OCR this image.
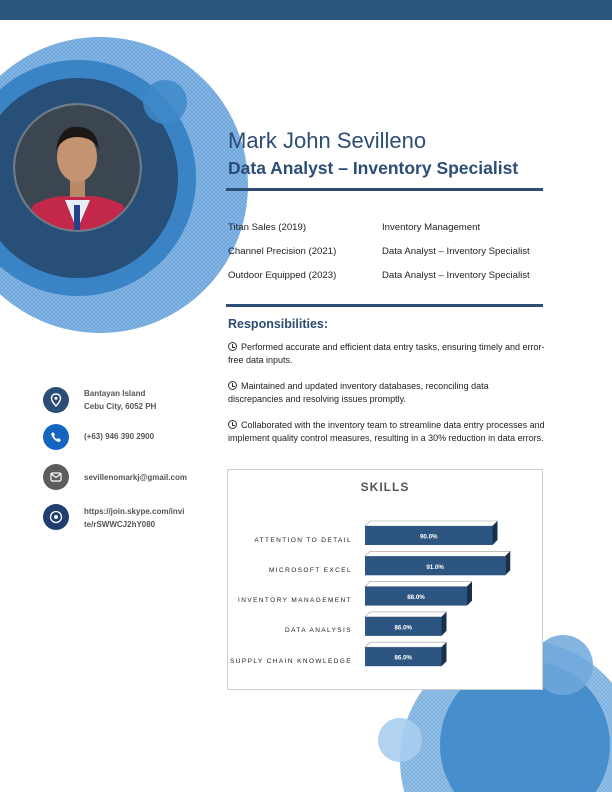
Mark John Sevilleno
Data Analyst – Inventory Specialist
Titan Sales (2019)	Inventory Management
Channel Precision (2021)	Data Analyst – Inventory Specialist
Outdoor Equipped (2023)	Data Analyst – Inventory Specialist
Responsibilities:
Performed accurate and efficient data entry tasks, ensuring timely and error-free data inputs.
Maintained and updated inventory databases, reconciling data discrepancies and resolving issues promptly.
Collaborated with the inventory team to streamline data entry processes and implement quality control measures, resulting in a 30% reduction in data errors.
Bantayan Island
Cebu City, 6052 PH
(+63) 946 390 2900
sevillenomarkj@gmail.com
https://join.skype.com/invi
te/rSWWCJ2hY080
SKILLS
ATTENTION TO DETAIL
MICROSOFT EXCEL
INVENTORY MANAGEMENT
DATA ANALYSIS
SUPPLY CHAIN KNOWLEDGE
90.0%
91.0%
88.0%
86.0%
86.0%
